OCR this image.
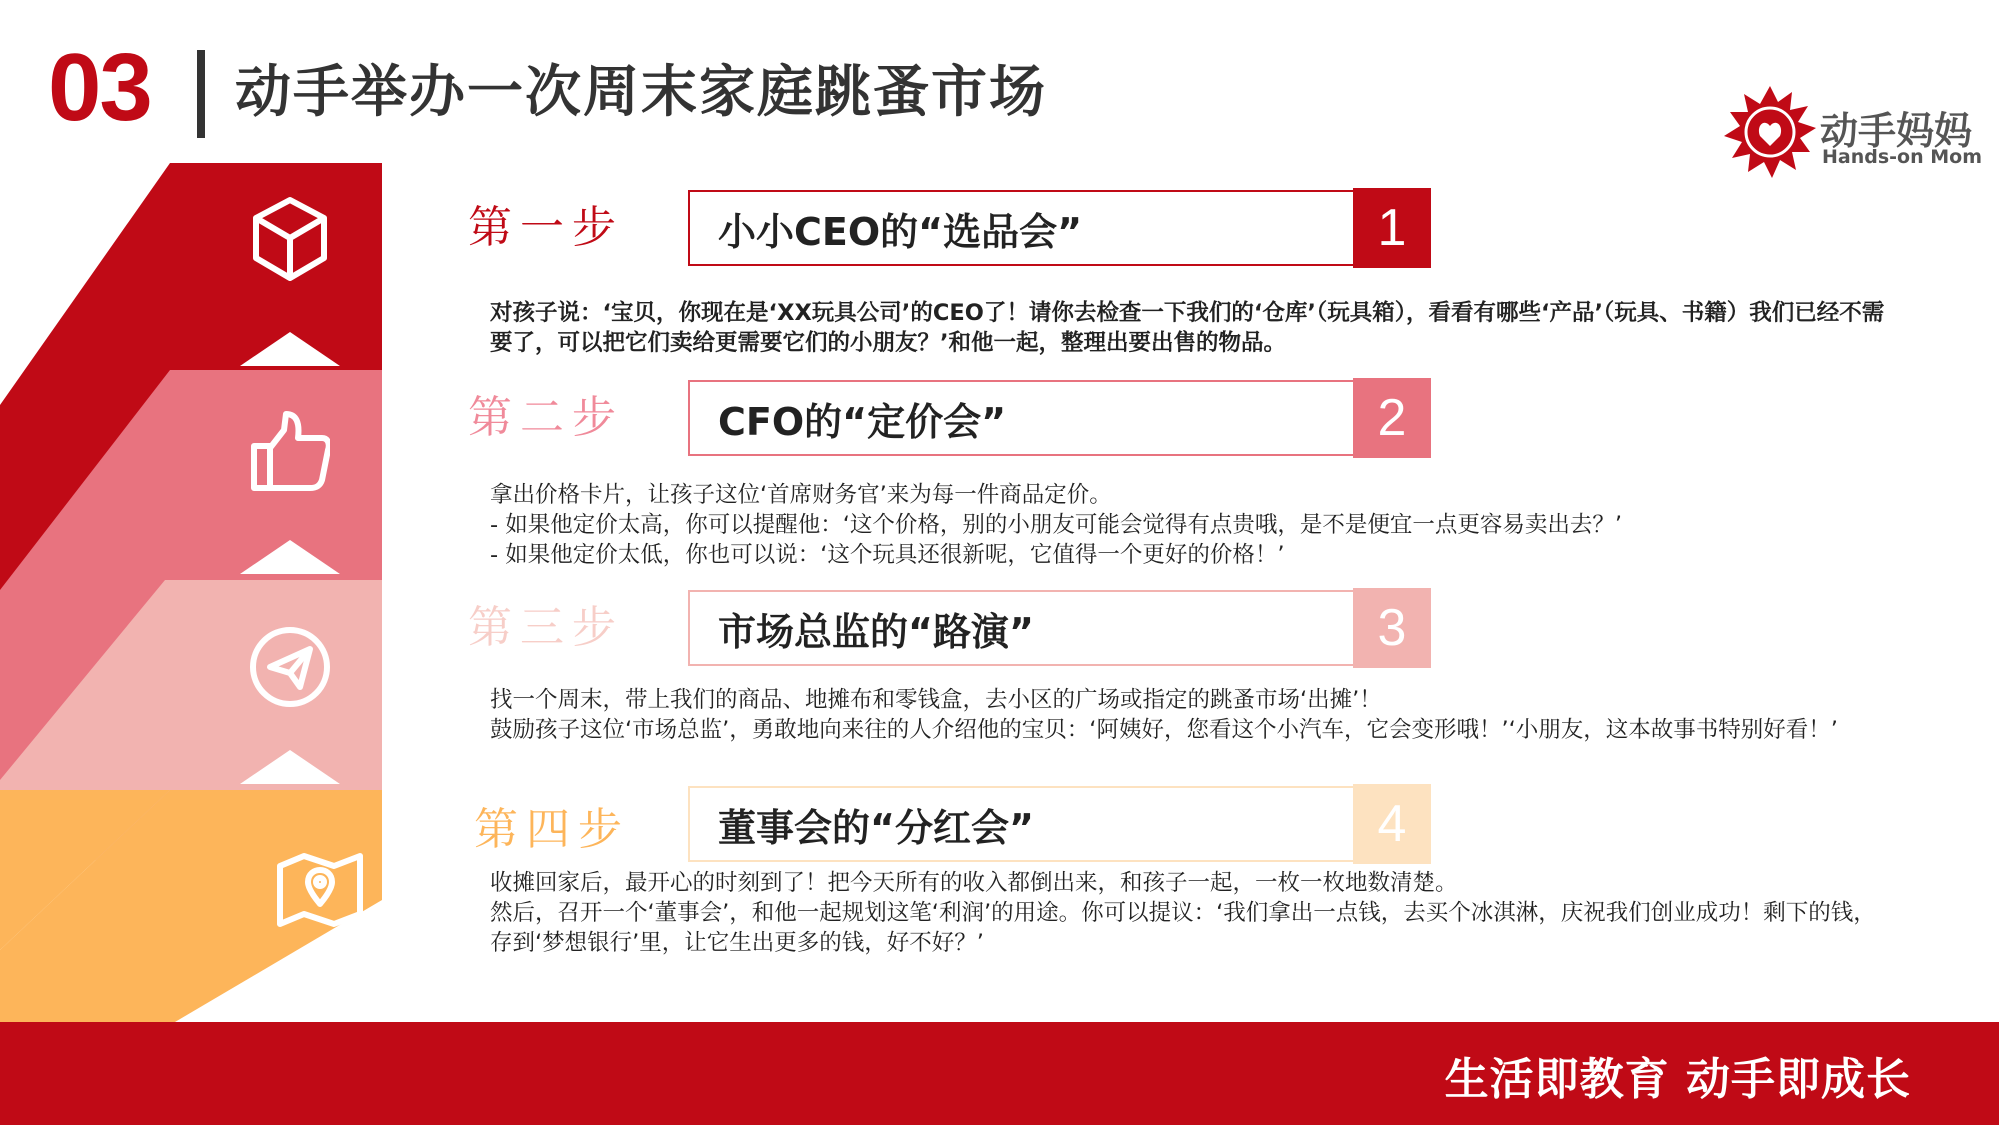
03 动手举办一次周末家庭跳蚤市场
动手妈妈
Hands-on Mom
第一步 小小CEO的“选品会”	1
对孩子说：‘宝贝，你现在是‘XX玩具公司’的CEO了！请你去检查一下我们的‘仓库’（玩具箱），看看有哪些‘产品’（玩具、书籍）我们已经不需要了，可以把它们卖给更需要它们的小朋友？’和他一起，整理出要出售的物品。
第二步 CFO的“定价会”	2
拿出价格卡片，让孩子这位‘首席财务官’来为每一件商品定价。
- 如果他定价太高，你可以提醒他：‘这个价格，别的小朋友可能会觉得有点贵哦，是不是便宜一点更容易卖出去？’
- 如果他定价太低，你也可以说：‘这个玩具还很新呢，它值得一个更好的价格！’
第三步 市场总监的“路演”	3
找一个周末，带上我们的商品、地摊布和零钱盒，去小区的广场或指定的跳蚤市场‘出摊’！
鼓励孩子这位‘市场总监’，勇敢地向来往的人介绍他的宝贝：‘阿姨好，您看这个小汽车，它会变形哦！’‘小朋友，这本故事书特别好看！’
第四步 董事会的“分红会”	4
收摊回家后，最开心的时刻到了！把今天所有的收入都倒出来，和孩子一起，一枚一枚地数清楚。
然后，召开一个‘董事会’，和他一起规划这笔‘利润’的用途。你可以提议：‘我们拿出一点钱，去买个冰淇淋，庆祝我们创业成功！剩下的钱，存到‘梦想银行’里，让它生出更多的钱，好不好？’
生活即教育 动手即成长
